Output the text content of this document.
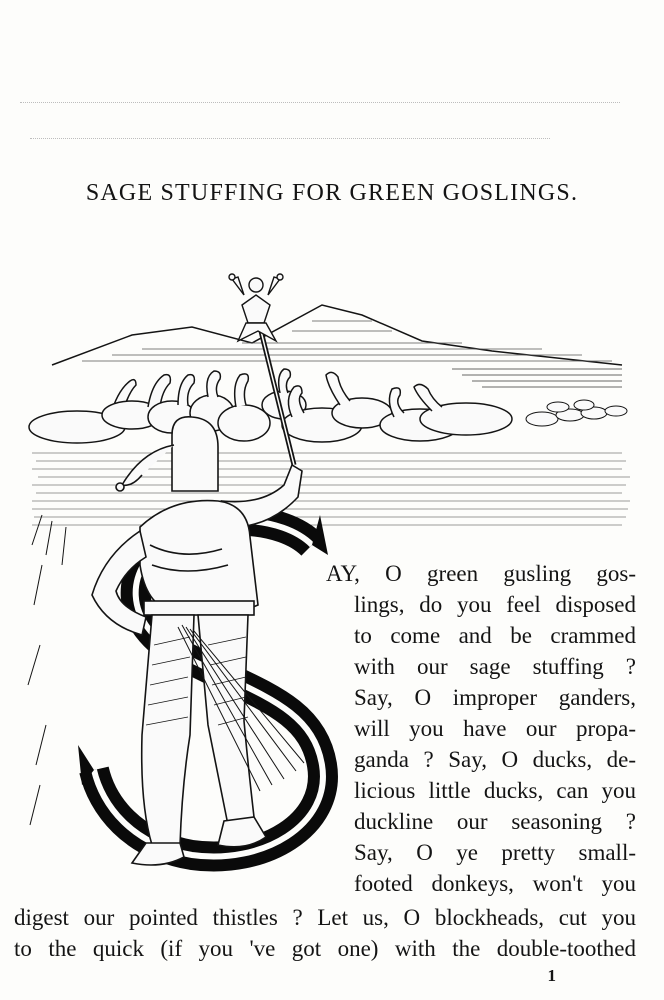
SAGE STUFFING FOR GREEN GOSLINGS.
AY, O green gusling gos-
lings, do you feel disposed
to come and be crammed
with our sage stuffing ?
Say, O improper ganders,
will you have our propa-
ganda ? Say, O ducks, de-
licious little ducks, can you
duckline our seasoning ?
Say, O ye pretty small-
footed donkeys, won't you
digest our pointed thistles ? Let us, O blockheads, cut you
to the quick (if you 've got one) with the double-toothed
1
